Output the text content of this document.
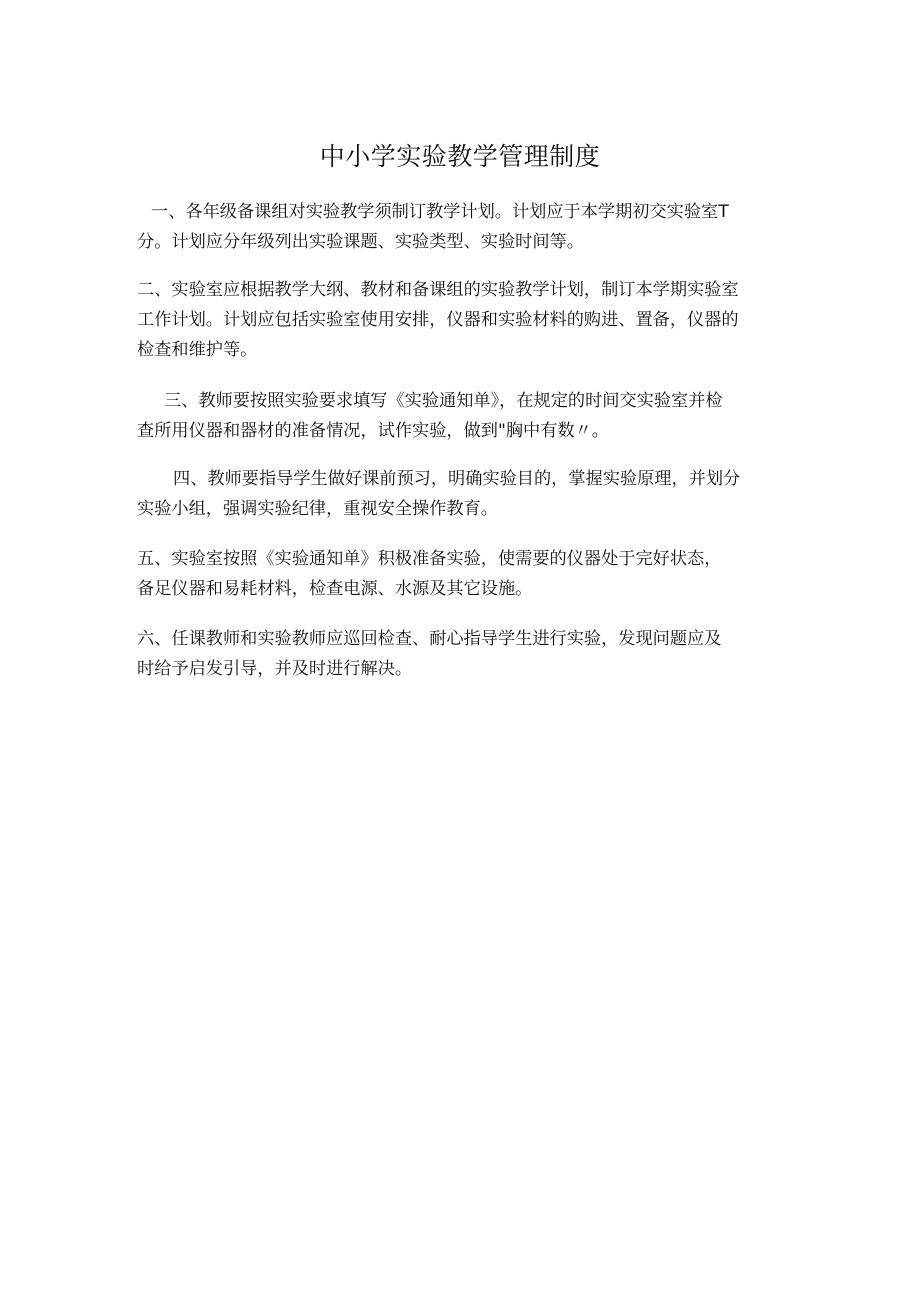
中小学实验教学管理制度
一、各年级备课组对实验教学须制订教学计划。计划应于本学期初交实验室T
分。计划应分年级列出实验课题、实验类型、实验时间等。
二、实验室应根据教学大纲、教材和备课组的实验教学计划，制订本学期实验室
工作计划。计划应包括实验室使用安排，仪器和实验材料的购进、置备，仪器的
检查和维护等。
三、教师要按照实验要求填写《实验通知单》，在规定的时间交实验室并检
查所用仪器和器材的准备情况，试作实验，做到"胸中有数〃。
四、教师要指导学生做好课前预习，明确实验目的，掌握实验原理，并划分
实验小组，强调实验纪律，重视安全操作教育。
五、实验室按照《实验通知单》积极准备实验，使需要的仪器处于完好状态，
备足仪器和易耗材料，检查电源、水源及其它设施。
六、任课教师和实验教师应巡回检查、耐心指导学生进行实验，发现问题应及
时给予启发引导，并及时进行解决。
